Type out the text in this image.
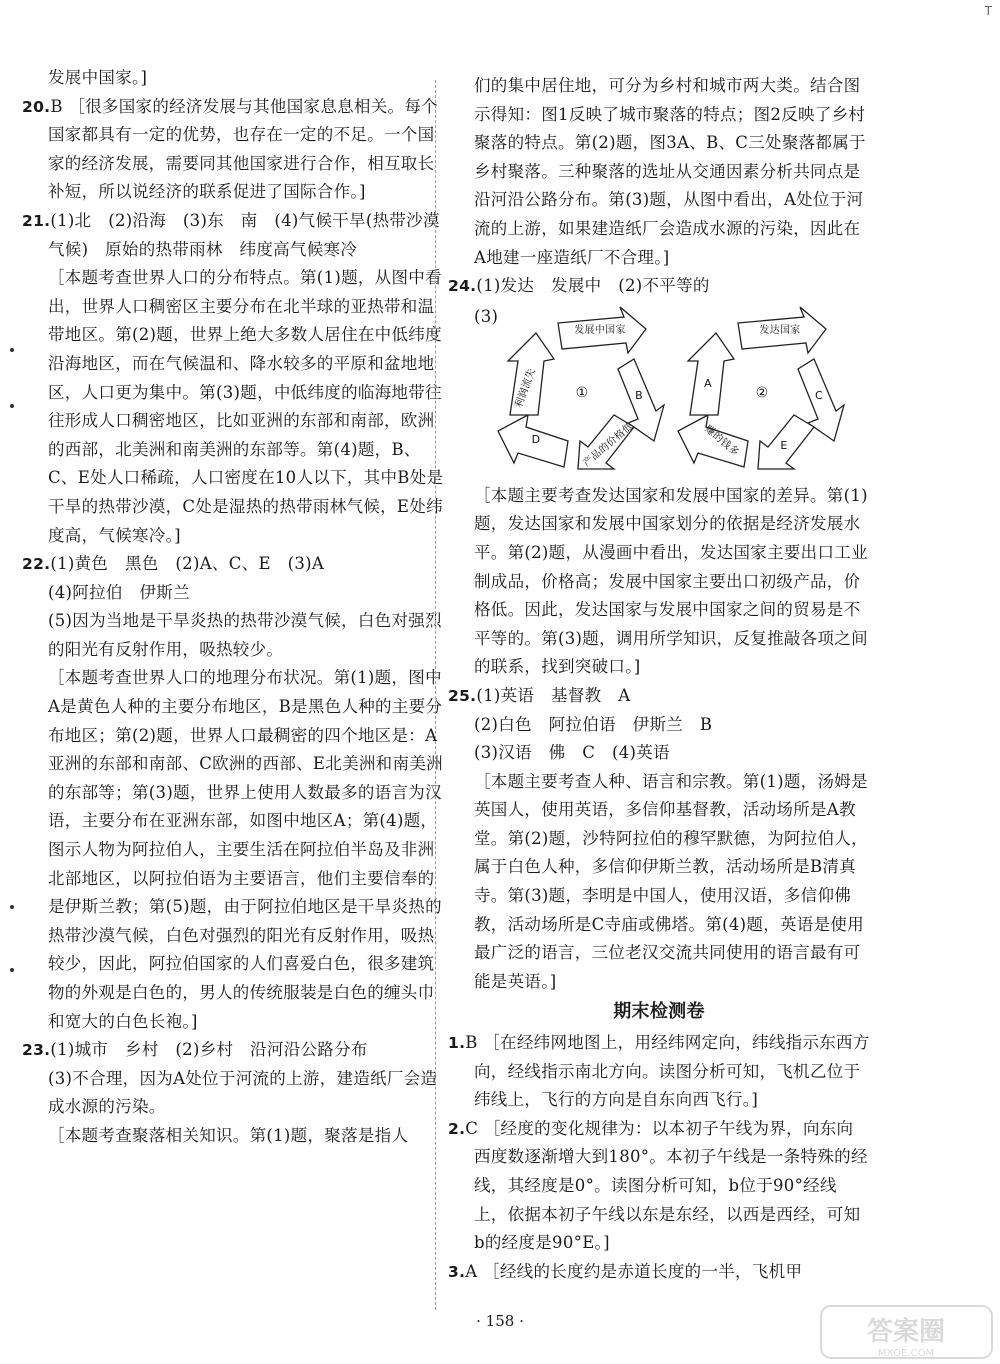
T

发展中国家。]

20.B ［很多国家的经济发展与其他国家息息相关。每个国家都具有一定的优势，也存在一定的不足。一个国家的经济发展，需要同其他国家进行合作，相互取长补短，所以说经济的联系促进了国际合作。]

21.(1)北　(2)沿海　(3)东　南　(4)气候干旱(热带沙漠气候)　原始的热带雨林　纬度高气候寒冷

［本题考查世界人口的分布特点。第(1)题，从图中看出，世界人口稠密区主要分布在北半球的亚热带和温带地区。第(2)题，世界上绝大多数人居住在中低纬度沿海地区，而在气候温和、降水较多的平原和盆地地区，人口更为集中。第(3)题，中低纬度的临海地带往往形成人口稠密地区，比如亚洲的东部和南部，欧洲的西部，北美洲和南美洲的东部等。第(4)题，B、C、E处人口稀疏，人口密度在10人以下，其中B处是干旱的热带沙漠，C处是湿热的热带雨林气候，E处纬度高，气候寒冷。]

22.(1)黄色　黑色　(2)A、C、E　(3)A

(4)阿拉伯　伊斯兰

(5)因为当地是干旱炎热的热带沙漠气候，白色对强烈的阳光有反射作用，吸热较少。

［本题考查世界人口的地理分布状况。第(1)题，图中A是黄色人种的主要分布地区，B是黑色人种的主要分布地区；第(2)题，世界人口最稠密的四个地区是：A亚洲的东部和南部、C欧洲的西部、E北美洲和南美洲的东部等；第(3)题，世界上使用人数最多的语言为汉语，主要分布在亚洲东部，如图中地区A；第(4)题，图示人物为阿拉伯人，主要生活在阿拉伯半岛及非洲北部地区，以阿拉伯语为主要语言，他们主要信奉的是伊斯兰教；第(5)题，由于阿拉伯地区是干旱炎热的热带沙漠气候，白色对强烈的阳光有反射作用，吸热较少，因此，阿拉伯国家的人们喜爱白色，很多建筑物的外观是白色的，男人的传统服装是白色的缠头巾和宽大的白色长袍。]

23.(1)城市　乡村　(2)乡村　沿河沿公路分布

(3)不合理，因为A处位于河流的上游，建造纸厂会造成水源的污染。

［本题考查聚落相关知识。第(1)题，聚落是指人

们的集中居住地，可分为乡村和城市两大类。结合图示得知：图1反映了城市聚落的特点；图2反映了乡村聚落的特点。第(2)题，图3A、B、C三处聚落都属于乡村聚落。三种聚落的选址从交通因素分析共同点是沿河沿公路分布。第(3)题，从图中看出，A处位于河流的上游，如果建造纸厂会造成水源的污染，因此在A地建一座造纸厂不合理。]

24.(1)发达　发展中　(2)不平等的

(3)
发展中国家
利润流失	B
产品的价格低
D
①
发达国家
A
C
E
赚的钱多
②

［本题主要考查发达国家和发展中国家的差异。第(1)题，发达国家和发展中国家划分的依据是经济发展水平。第(2)题，从漫画中看出，发达国家主要出口工业制成品，价格高；发展中国家主要出口初级产品，价格低。因此，发达国家与发展中国家之间的贸易是不平等的。第(3)题，调用所学知识，反复推敲各项之间的联系，找到突破口。]

25.(1)英语　基督教　A

(2)白色　阿拉伯语　伊斯兰　B

(3)汉语　佛　C　(4)英语

［本题主要考查人种、语言和宗教。第(1)题，汤姆是英国人，使用英语，多信仰基督教，活动场所是A教堂。第(2)题，沙特阿拉伯的穆罕默德，为阿拉伯人，属于白色人种，多信仰伊斯兰教，活动场所是B清真寺。第(3)题，李明是中国人，使用汉语，多信仰佛教，活动场所是C寺庙或佛塔。第(4)题，英语是使用最广泛的语言，三位老汉交流共同使用的语言最有可能是英语。]

期末检测卷

1.B ［在经纬网地图上，用经纬网定向，纬线指示东西方向，经线指示南北方向。读图分析可知，飞机乙位于纬线上，飞行的方向是自东向西飞行。]

2.C ［经度的变化规律为：以本初子午线为界，向东向西度数逐渐增大到180°。本初子午线是一条特殊的经线，其经度是0°。读图分析可知，b位于90°经线上，依据本初子午线以东是东经，以西是西经，可知b的经度是90°E。]

3.A ［经线的长度约是赤道长度的一半，飞机甲

· 158 ·	答案圈
MXQE.COM
